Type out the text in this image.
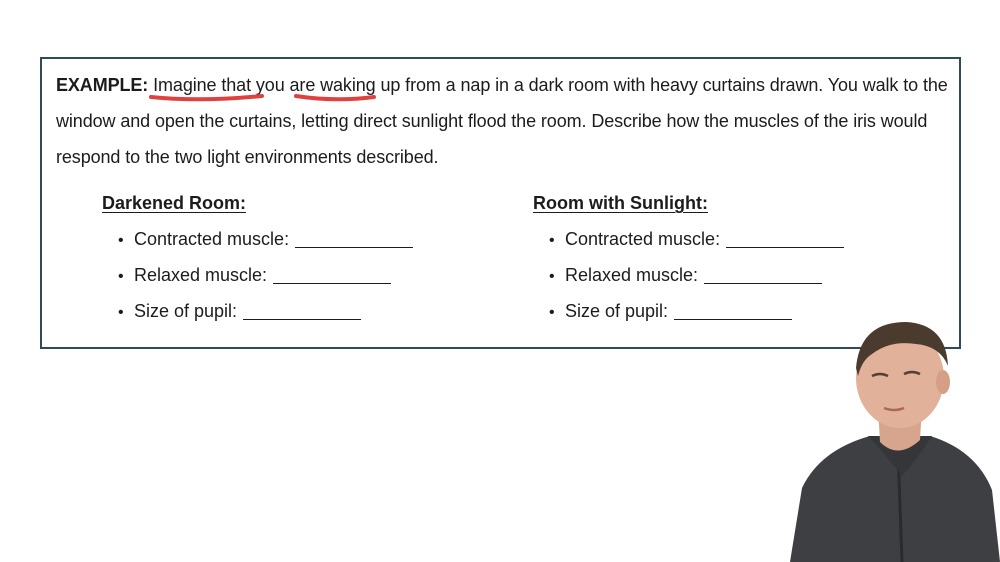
EXAMPLE: Imagine that you are waking up from a nap in a dark room with heavy curtains drawn. You walk to the
window and open the curtains, letting direct sunlight flood the room. Describe how the muscles of the iris would
respond to the two light environments described.
Darkened Room:
• Contracted muscle:
• Relaxed muscle:
• Size of pupil:
Room with Sunlight:
• Contracted muscle:
• Relaxed muscle:
• Size of pupil:
